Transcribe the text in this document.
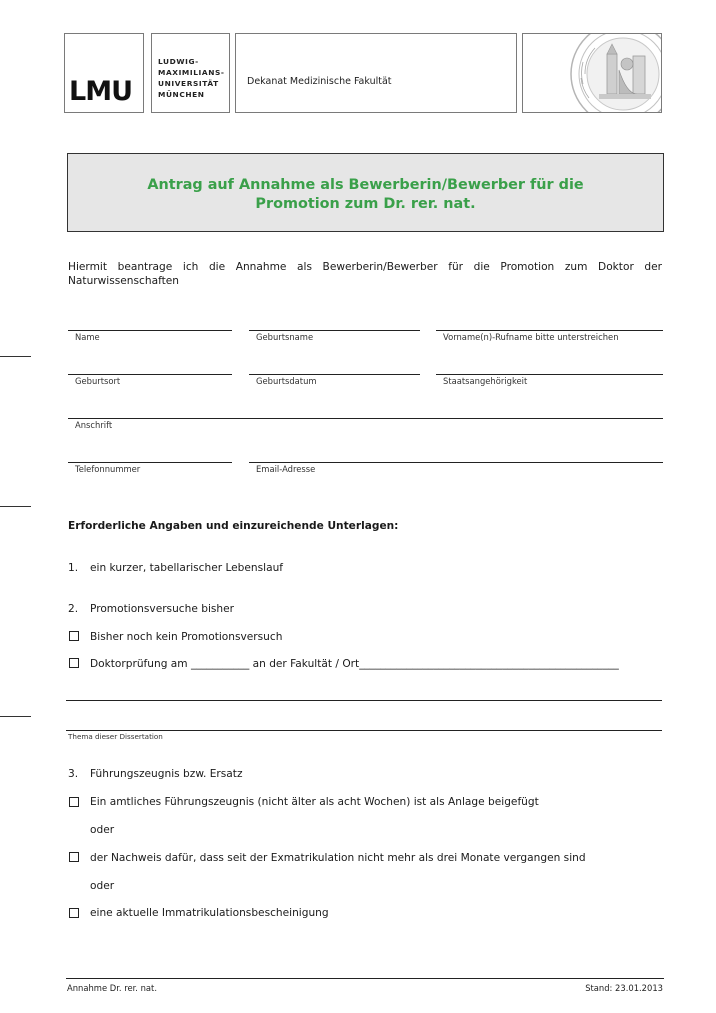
LMU
LUDWIG-
MAXIMILIANS-
UNIVERSITÄT
MÜNCHEN
Dekanat Medizinische Fakultät
Antrag auf Annahme als Bewerberin/Bewerber für die
Promotion zum Dr. rer. nat.
Hiermit beantrage ich die Annahme als Bewerberin/Bewerber für die Promotion zum Doktor der Naturwissenschaften
Name	Geburtsname	Vorname(n)-Rufname bitte unterstreichen
Geburtsort	Geburtsdatum	Staatsangehörigkeit
Anschrift
Telefonnummer	Email-Adresse
Erforderliche Angaben und einzureichende Unterlagen:
1. ein kurzer, tabellarischer Lebenslauf
2. Promotionsversuche bisher
Bisher noch kein Promotionsversuch
Doktorprüfung am ___________ an der Fakultät / Ort_________________________________________________
Thema dieser Dissertation
3. Führungszeugnis bzw. Ersatz
Ein amtliches Führungszeugnis (nicht älter als acht Wochen) ist als Anlage beigefügt
oder
der Nachweis dafür, dass seit der Exmatrikulation nicht mehr als drei Monate vergangen sind
oder
eine aktuelle Immatrikulationsbescheinigung
Annahme Dr. rer. nat.	Stand: 23.01.2013
